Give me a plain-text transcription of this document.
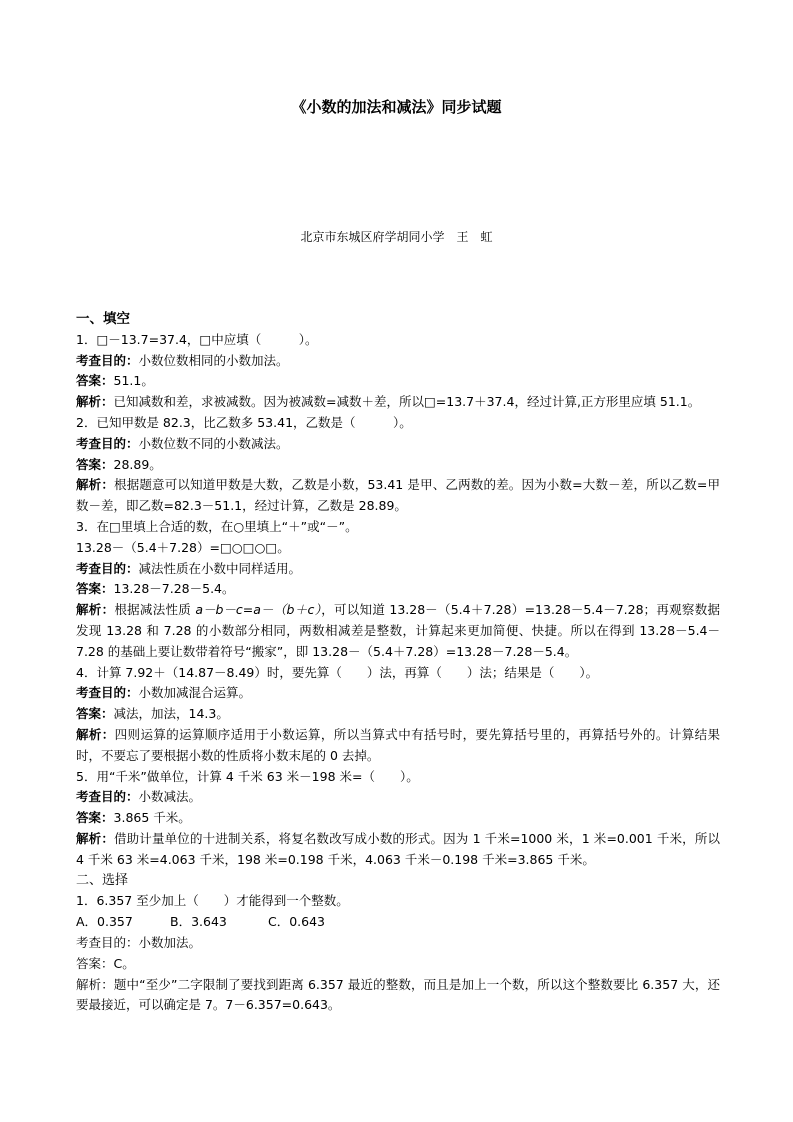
《小数的加法和减法》同步试题

北京市东城区府学胡同小学　王　虹

一、填空

1．□－13.7=37.4，□中应填（　　　）。

考查目的：小数位数相同的小数加法。

答案：51.1。

解析：已知减数和差，求被减数。因为被减数=减数＋差，所以□=13.7＋37.4，经过计算,正方形里应填 51.1。

2．已知甲数是 82.3，比乙数多 53.41，乙数是（　　　）。

考查目的：小数位数不同的小数减法。

答案：28.89。

解析：根据题意可以知道甲数是大数，乙数是小数，53.41 是甲、乙两数的差。因为小数=大数－差，所以乙数=甲数－差，即乙数=82.3－51.1，经过计算，乙数是 28.89。

3．在□里填上合适的数，在○里填上“＋”或“－”。

13.28－（5.4＋7.28）=□○□○□。

考查目的：减法性质在小数中同样适用。

答案：13.28－7.28－5.4。

解析：根据减法性质 a－b－c=a－（b＋c），可以知道 13.28－（5.4＋7.28）=13.28－5.4－7.28；再观察数据发现 13.28 和 7.28 的小数部分相同，两数相减差是整数，计算起来更加简便、快捷。所以在得到 13.28－5.4－7.28 的基础上要让数带着符号“搬家”，即 13.28－（5.4＋7.28）=13.28－7.28－5.4。

4．计算 7.92＋（14.87－8.49）时，要先算（　　）法，再算（　　）法；结果是（　　）。

考查目的：小数加减混合运算。

答案：减法，加法，14.3。

解析：四则运算的运算顺序适用于小数运算，所以当算式中有括号时，要先算括号里的，再算括号外的。计算结果时，不要忘了要根据小数的性质将小数末尾的 0 去掉。

5．用“千米”做单位，计算 4 千米 63 米－198 米=（　　）。

考查目的：小数减法。

答案：3.865 千米。

解析：借助计量单位的十进制关系，将复名数改写成小数的形式。因为 1 千米=1000 米，1 米=0.001 千米，所以 4 千米 63 米=4.063 千米，198 米=0.198 千米，4.063 千米－0.198 千米=3.865 千米。

二、选择

1．6.357 至少加上（　　）才能得到一个整数。

A．0.357	B．3.643	C．0.643

考查目的：小数加法。

答案：C。

解析：题中“至少”二字限制了要找到距离 6.357 最近的整数，而且是加上一个数，所以这个整数要比 6.357 大，还要最接近，可以确定是 7。7－6.357=0.643。
